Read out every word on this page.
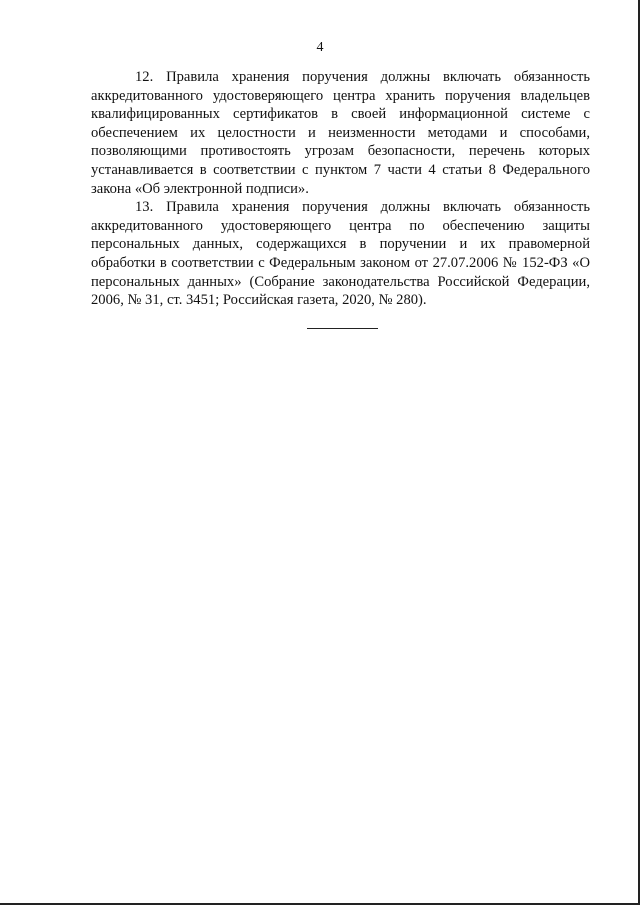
4

12. Правила хранения поручения должны включать обязанность аккредитованного удостоверяющего центра хранить поручения владельцев квалифицированных сертификатов в своей информационной системе с обеспечением их целостности и неизменности методами и способами, позволяющими противостоять угрозам безопасности, перечень которых устанавливается в соответствии с пунктом 7 части 4 статьи 8 Федерального закона «Об электронной подписи».

13. Правила хранения поручения должны включать обязанность аккредитованного удостоверяющего центра по обеспечению защиты персональных данных, содержащихся в поручении и их правомерной обработки в соответствии с Федеральным законом от 27.07.2006 № 152-ФЗ «О персональных данных» (Собрание законодательства Российской Федерации, 2006, № 31, ст. 3451; Российская газета, 2020, № 280).
